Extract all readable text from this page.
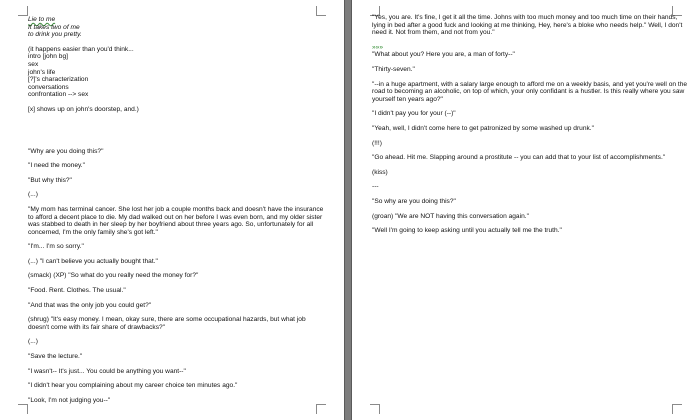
Lie to me
It takes two of me
to drink you pretty.

(it happens easier than you'd think...

intro [john bg]

sex

john's life

[?]'s characterization

conversations

confrontation --> sex

[x] shows up on john's doorstep, and.)

"Why are you doing this?"

"I need the money."

"But why this?"

(...)

"My mom has terminal cancer. She lost her job a couple months back and doesn't have the insurance to afford a decent place to die. My dad walked out on her before I was even born, and my older sister was stabbed to death in her sleep by her boyfriend about three years ago. So, unfortunately for all concerned, I'm the only family she's got left."

"I'm... I'm so sorry."

(...) "I can't believe you actually bought that."

(smack) (XP) "So what do you really need the money for?"

"Food. Rent. Clothes. The usual."

"And that was the only job you could get?"

(shrug) "It's easy money. I mean, okay sure, there are some occupational hazards, but what job doesn't come with its fair share of drawbacks?"

(...)

"Save the lecture."

"I wasn't-- It's just... You could be anything you want--"

"I didn't hear you complaining about my career choice ten minutes ago."

"Look, I'm not judging you--"

"Yes, you are. It's fine, I get it all the time. Johns with too much money and too much time on their hands, lying in bed after a good fuck and looking at me thinking, Hey, here's a bloke who needs help." Well, I don't need it. Not from them, and not from you."

»»»

"What about you? Here you are, a man of forty--"

"Thirty-seven."

"--in a huge apartment, with a salary large enough to afford me on a weekly basis, and yet you're well on the road to becoming an alcoholic, on top of which, your only confidant is a hustler. Is this really where you saw yourself ten years ago?"

"I didn't pay you for your (--)"

"Yeah, well, I didn't come here to get patronized by some washed up drunk."

(!!!)

"Go ahead. Hit me. Slapping around a prostitute -- you can add that to your list of accomplishments."

(kiss)

---

"So why are you doing this?"

(groan) "We are NOT having this conversation again."

"Well I'm going to keep asking until you actually tell me the truth."
